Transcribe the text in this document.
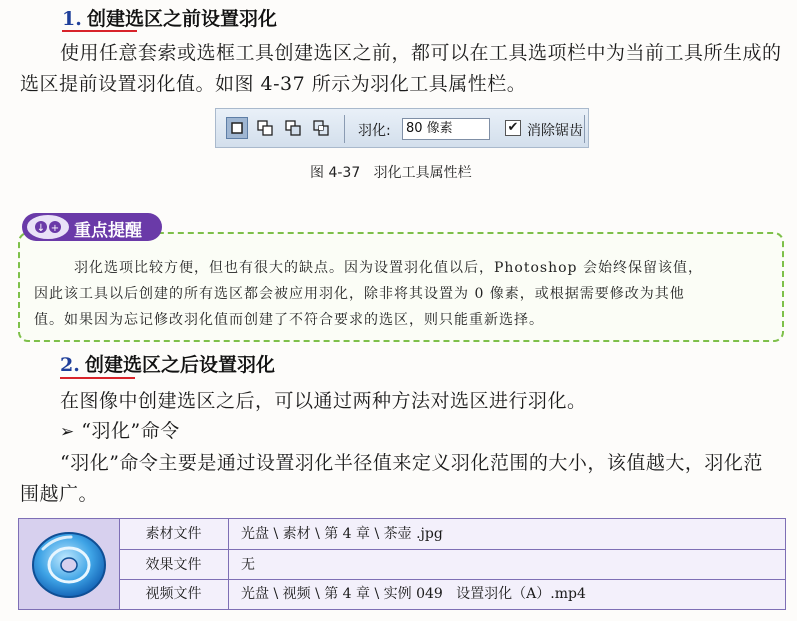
1. 创建选区之前设置羽化
使用任意套索或选框工具创建选区之前，都可以在工具选项栏中为当前工具所生成的
选区提前设置羽化值。如图 4-37 所示为羽化工具属性栏。
羽化:	80 像素	✔ 消除锯齿
图 4-37   羽化工具属性栏
↓ + 重点提醒
羽化选项比较方便，但也有很大的缺点。因为设置羽化值以后，Photoshop 会始终保留该值，
因此该工具以后创建的所有选区都会被应用羽化，除非将其设置为 0 像素，或根据需要修改为其他
值。如果因为忘记修改羽化值而创建了不符合要求的选区，则只能重新选择。
2. 创建选区之后设置羽化
在图像中创建选区之后，可以通过两种方法对选区进行羽化。
➢ “羽化”命令
“羽化”命令主要是通过设置羽化半径值来定义羽化范围的大小，该值越大，羽化范
围越广。
素材文件	光盘 \ 素材 \ 第 4 章 \ 茶壶 .jpg
效果文件	无
视频文件	光盘 \ 视频 \ 第 4 章 \ 实例 049   设置羽化（A）.mp4
